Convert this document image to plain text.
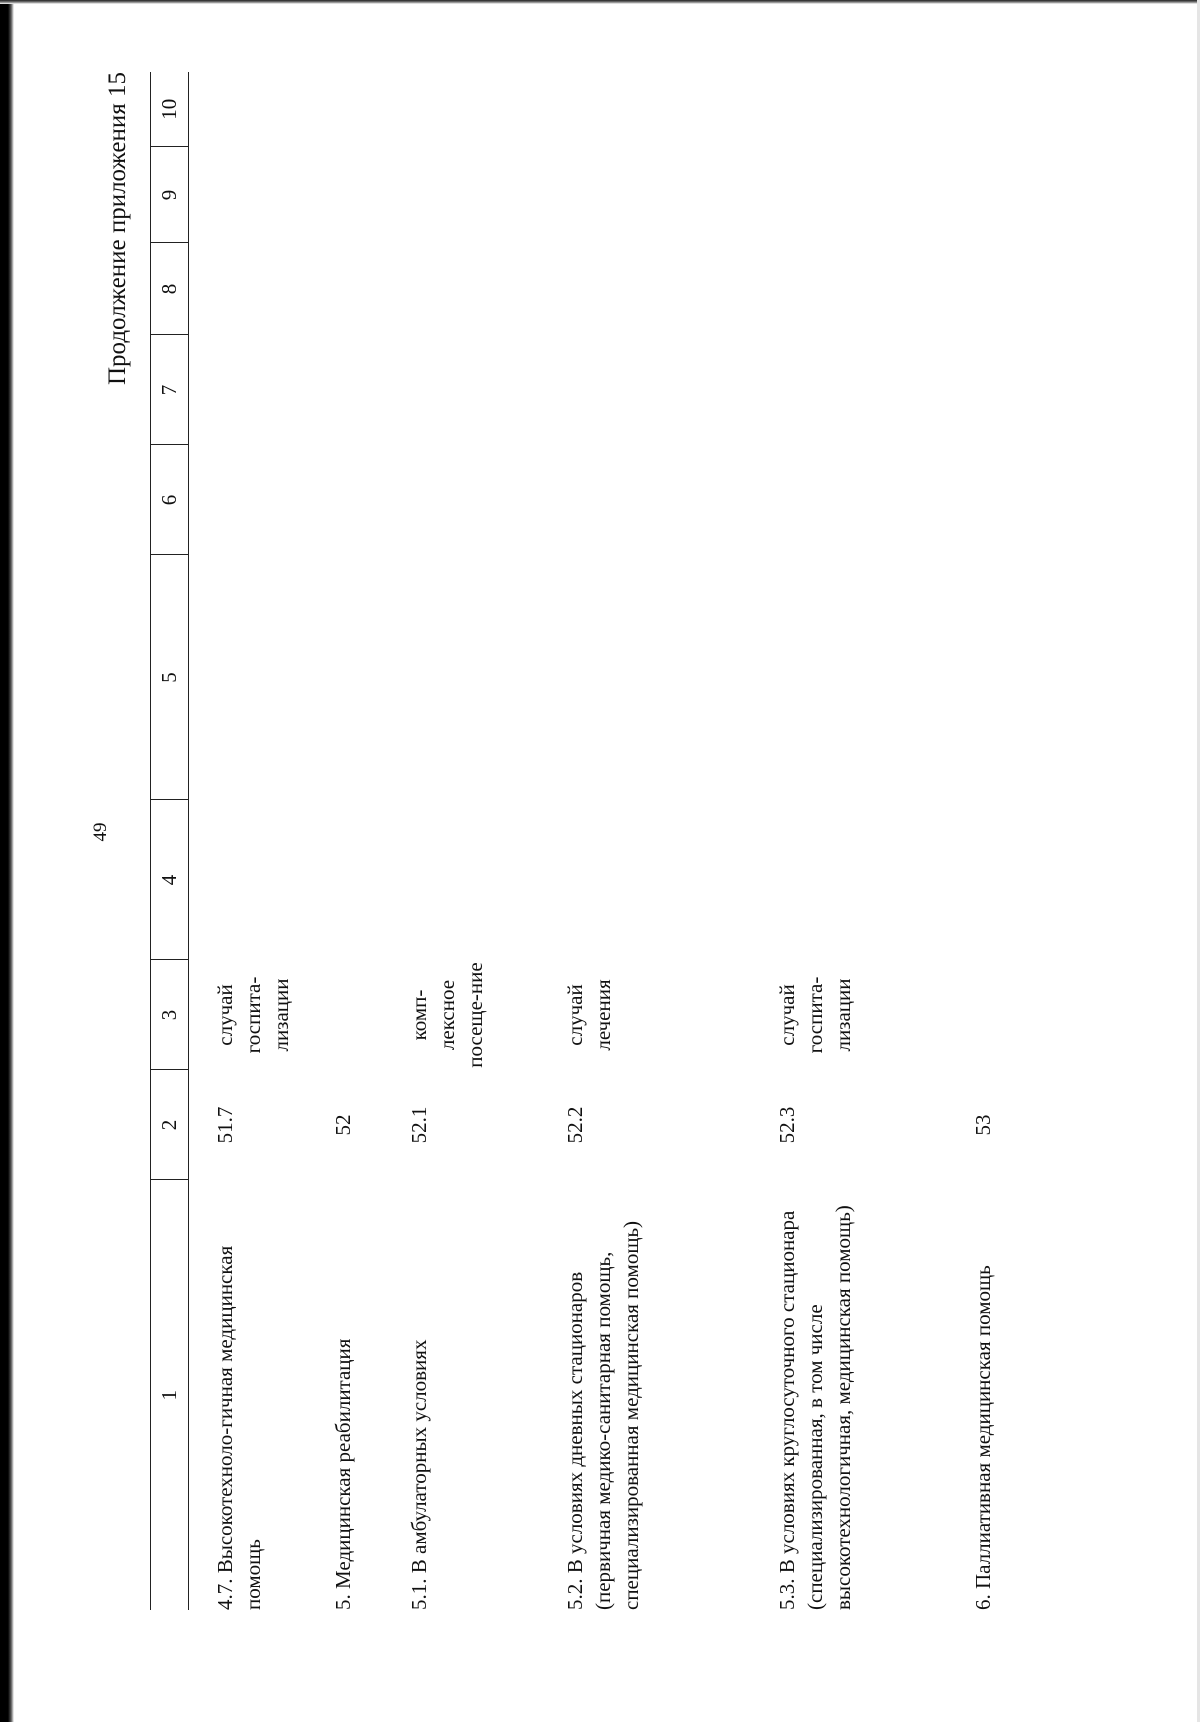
49
Продолжение приложения 15
1	2	3	4	5	6	7	8	9	10
4.7. Высокотехноло-гичная медицинская помощь	51.7	случай госпита-лизации							
5. Медицинская реабилитация	52								
5.1. В амбулаторных условиях	52.1	комп-лексное посеще-ние							
5.2. В условиях дневных стационаров (первичная медико-санитарная помощь, специализированная медицинская помощь)	52.2	случай лечения							
5.3. В условиях круглосуточного стационара (специализированная, в том числе высокотехнологичная, медицинская помощь)	52.3	случай госпита-лизации							
6. Паллиативная медицинская помощь	53								
